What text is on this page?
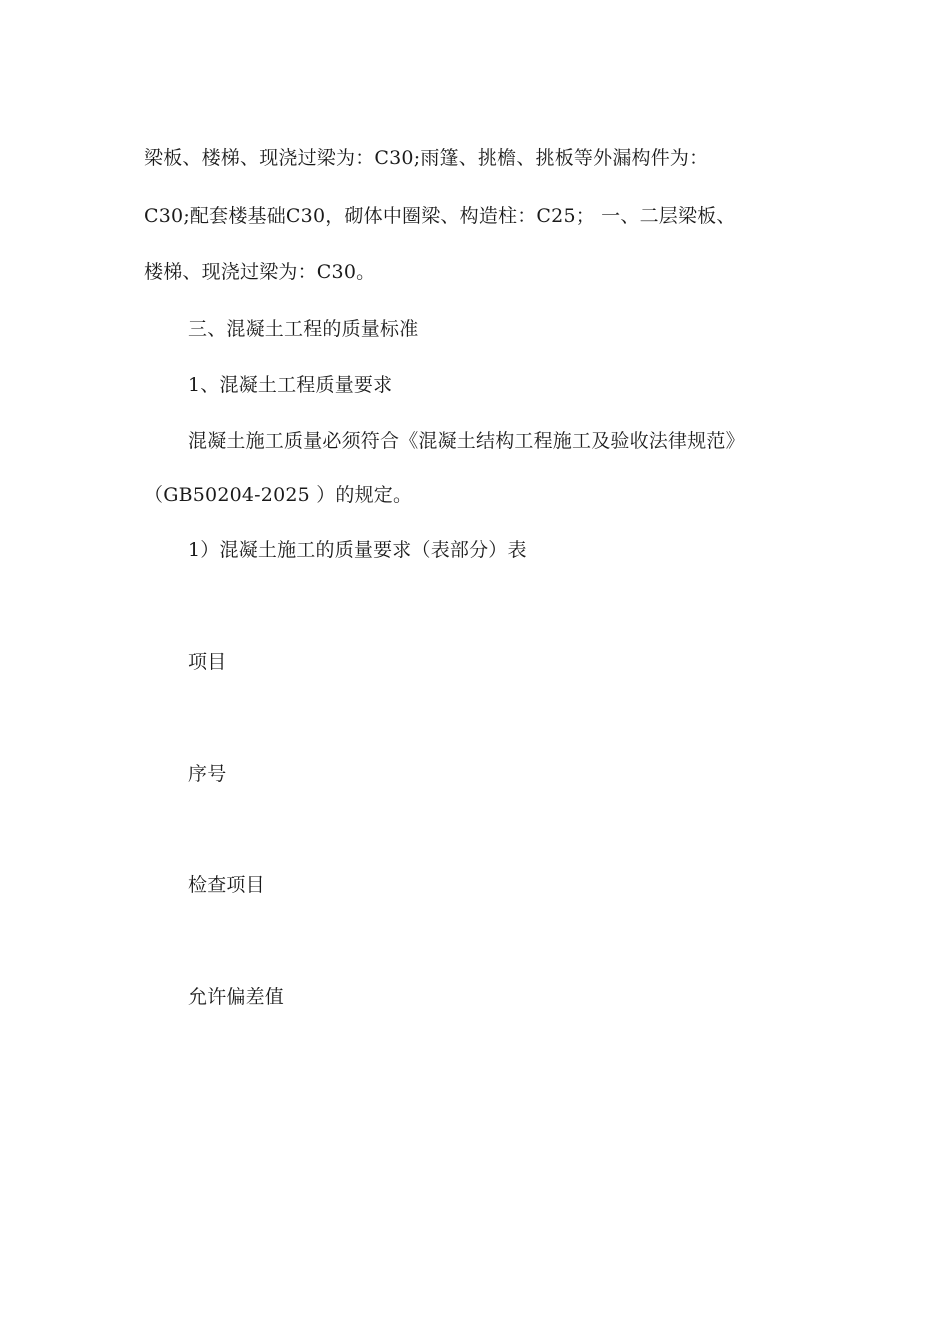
梁板、楼梯、现浇过梁为：C30;雨篷、挑檐、挑板等外漏构件为：
C30;配套楼基础C30，砌体中圈梁、构造柱：C25； 一、二层梁板、
楼梯、现浇过梁为：C30。
三、混凝土工程的质量标准
1、混凝土工程质量要求
混凝土施工质量必须符合《混凝土结构工程施工及验收法律规范》
（GB50204-2025 ）的规定。
1）混凝土施工的质量要求（表部分）表
项目
序号
检查项目
允许偏差值
